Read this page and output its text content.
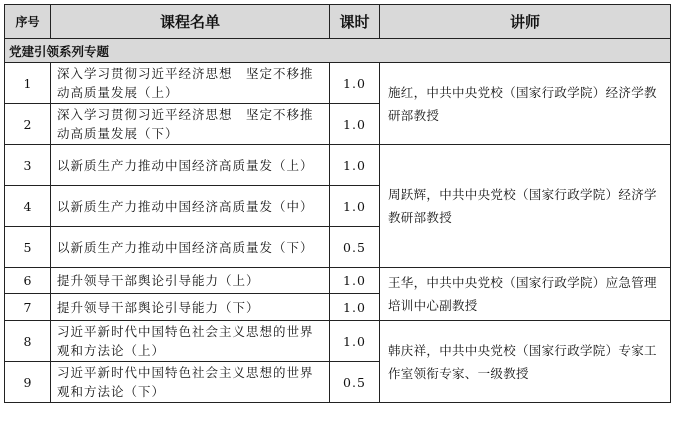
序号	课程名单	课时	讲师
党建引领系列专题			
1	深入学习贯彻习近平经济思想　坚定不移推动高质量发展（上）	1.0	施红，中共中央党校（国家行政学院）经济学教研部教授
2	深入学习贯彻习近平经济思想　坚定不移推动高质量发展（下）	1.0	
3	以新质生产力推动中国经济高质量发（上）	1.0	周跃辉，中共中央党校（国家行政学院）经济学教研部教授
4	以新质生产力推动中国经济高质量发（中）	1.0	
5	以新质生产力推动中国经济高质量发（下）	0.5	
6	提升领导干部舆论引导能力（上）	1.0	王华，中共中央党校（国家行政学院）应急管理培训中心副教授
7	提升领导干部舆论引导能力（下）	1.0	
8	习近平新时代中国特色社会主义思想的世界观和方法论（上）	1.0	韩庆祥，中共中央党校（国家行政学院）专家工作室领衔专家、一级教授
9	习近平新时代中国特色社会主义思想的世界观和方法论（下）	0.5	
